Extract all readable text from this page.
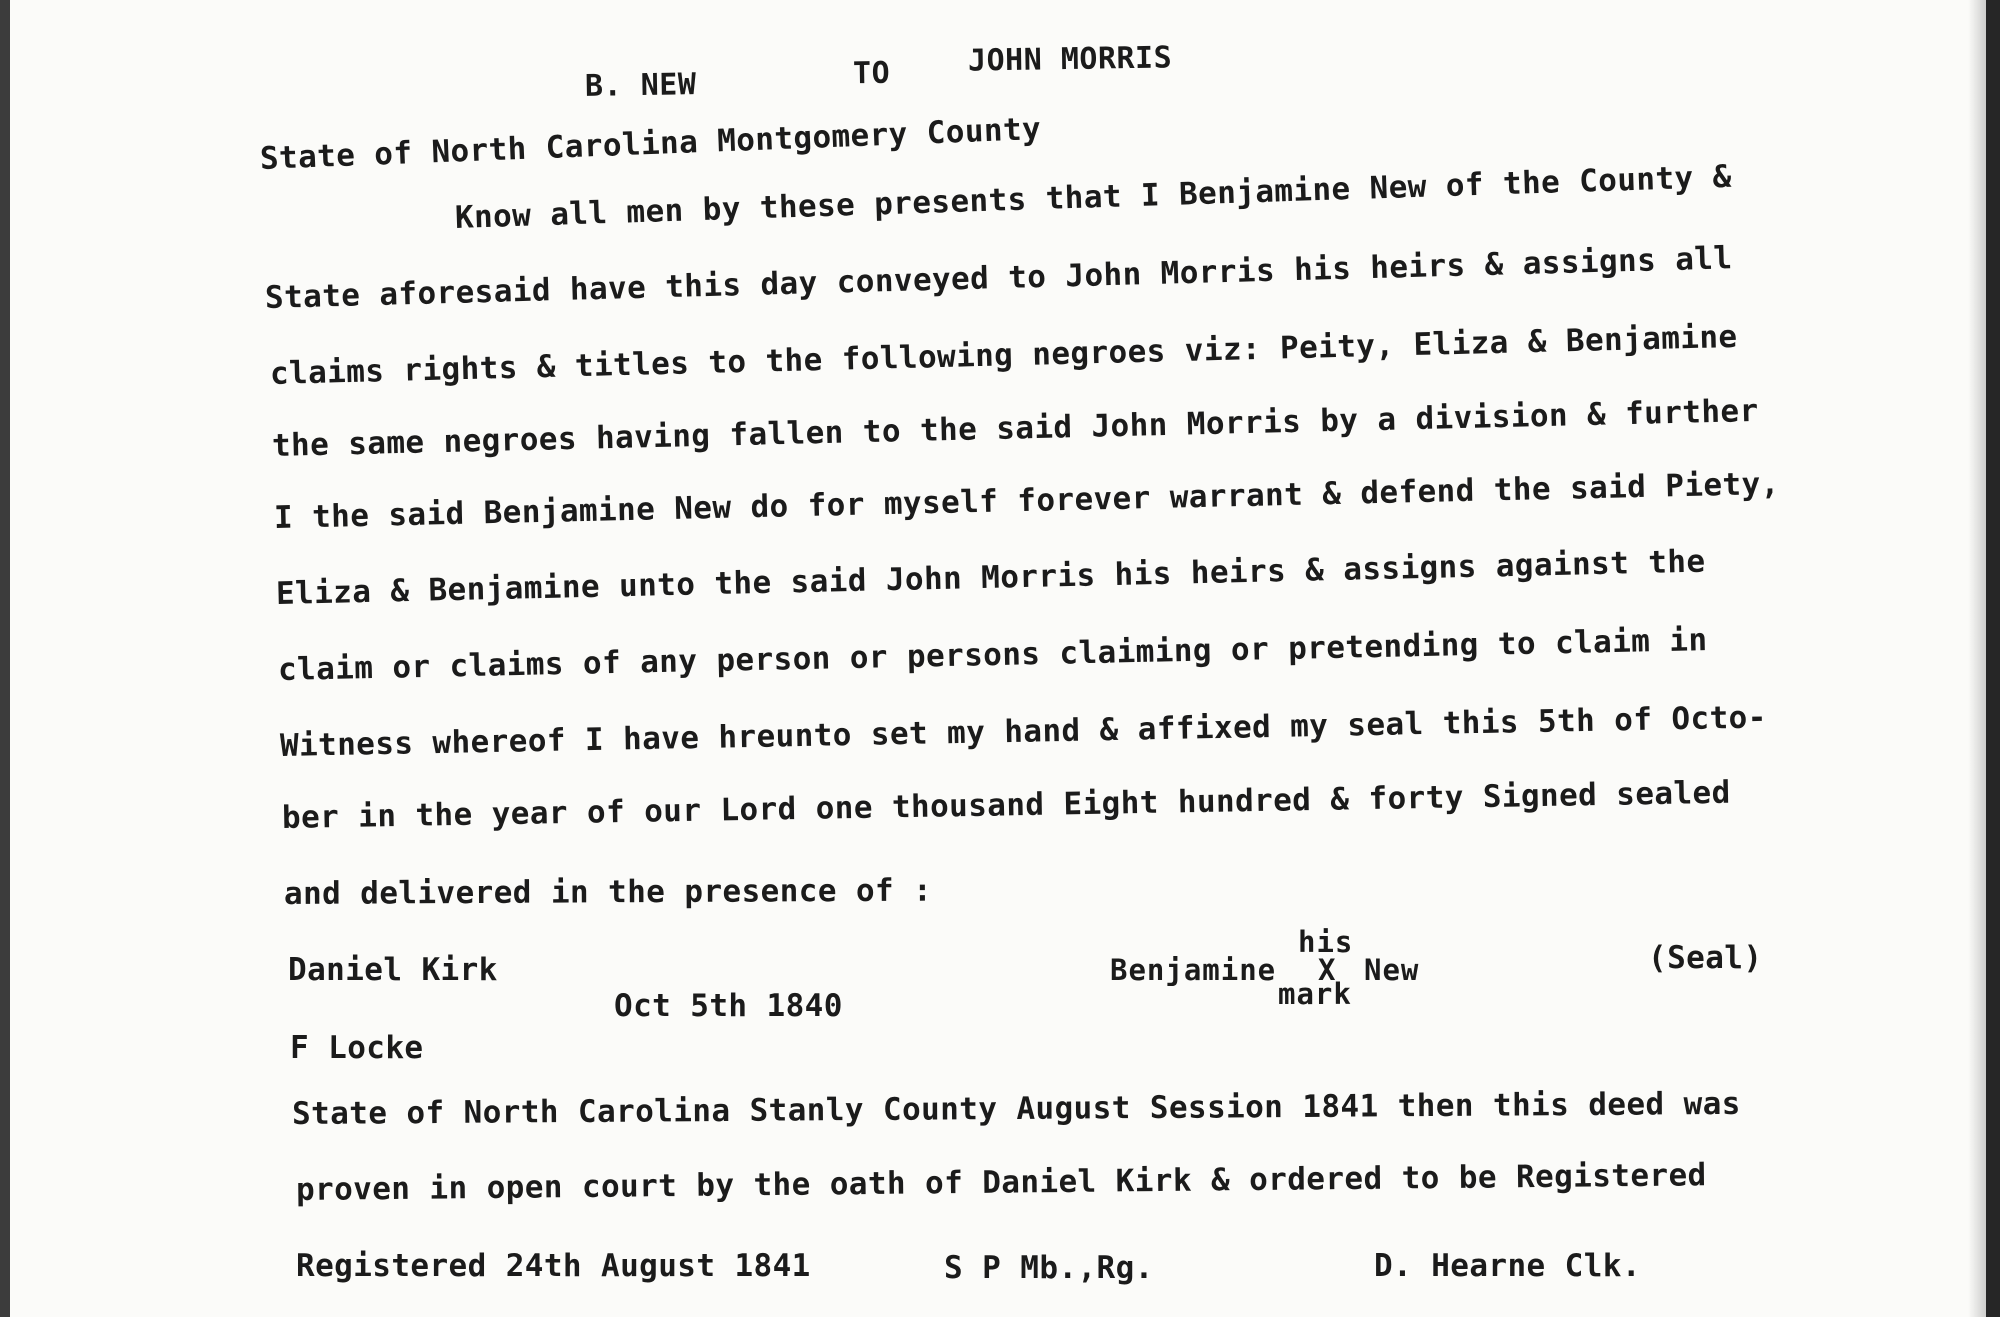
B. NEW	TO	JOHN MORRIS
State of North Carolina Montgomery County
Know all men by these presents that I Benjamine New of the County &
State aforesaid have this day conveyed to John Morris his heirs & assigns all
claims rights & titles to the following negroes viz: Peity, Eliza & Benjamine
the same negroes having fallen to the said John Morris by a division & further
I the said Benjamine New do for myself forever warrant & defend the said Piety,
Eliza & Benjamine unto the said John Morris his heirs & assigns against the
claim or claims of any person or persons claiming or pretending to claim in
Witness whereof I have hreunto set my hand & affixed my seal this 5th of Octo-
ber in the year of our Lord one thousand Eight hundred & forty Signed sealed
and delivered in the presence of :
Daniel Kirk
Oct 5th 1840
Benjamine
his
X New
mark
(Seal)
F Locke
State of North Carolina Stanly County August Session 1841 then this deed was
proven in open court by the oath of Daniel Kirk & ordered to be Registered
Registered 24th August 1841	S P Mb.,Rg.	D. Hearne Clk.
